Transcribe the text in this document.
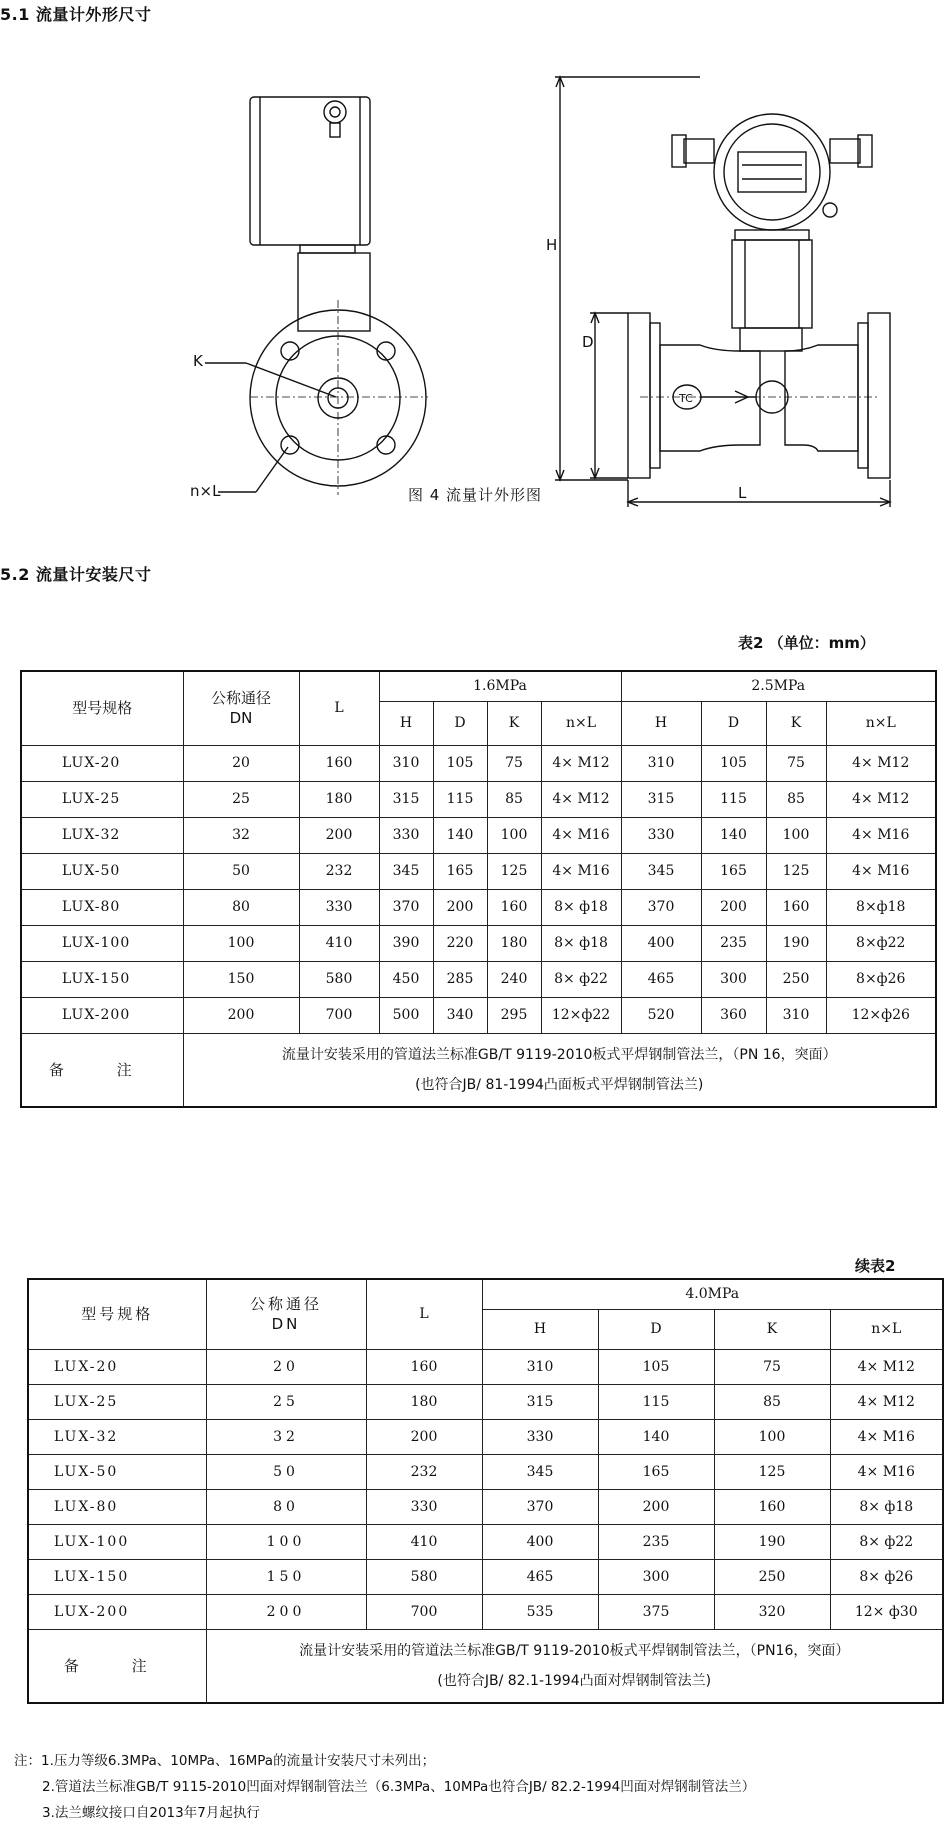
5.1 流量计外形尺寸
K
n×L
H
D
L
TC
图 4 流量计外形图
5.2 流量计安装尺寸
表2 （单位：mm）
型号规格	公称通径
DN	L	1.6MPa				2.5MPa			
			H	D	K	n×L	H	D	K	n×L
LUX-20	20	160	310	105	75	4× M12	310	105	75	4× M12
LUX-25	25	180	315	115	85	4× M12	315	115	85	4× M12
LUX-32	32	200	330	140	100	4× M16	330	140	100	4× M16
LUX-50	50	232	345	165	125	4× M16	345	165	125	4× M16
LUX-80	80	330	370	200	160	8× ф18	370	200	160	8×ф18
LUX-100	100	410	390	220	180	8× ф18	400	235	190	8×ф22
LUX-150	150	580	450	285	240	8× ф22	465	300	250	8×ф26
LUX-200	200	700	500	340	295	12×ф22	520	360	310	12×ф26
备 注	流量计安装采用的管道法兰标准GB/T 9119-2010板式平焊钢制管法兰，（PN 16，突面）
(也符合JB/ 81-1994凸面板式平焊钢制管法兰)									
续表2
型号规格	公称通径
DN	L	4.0MPa			
			H	D	K	n×L
LUX-20	20	160	310	105	75	4× M12
LUX-25	25	180	315	115	85	4× M12
LUX-32	32	200	330	140	100	4× M16
LUX-50	50	232	345	165	125	4× M16
LUX-80	80	330	370	200	160	8× ф18
LUX-100	100	410	400	235	190	8× ф22
LUX-150	150	580	465	300	250	8× ф26
LUX-200	200	700	535	375	320	12× ф30
备 注	流量计安装采用的管道法兰标准GB/T 9119-2010板式平焊钢制管法兰，（PN16，突面）
(也符合JB/ 82.1-1994凸面对焊钢制管法兰)					
注：1.压力等级6.3MPa、10MPa、16MPa的流量计安装尺寸未列出；
2.管道法兰标准GB/T 9115-2010凹面对焊钢制管法兰（6.3MPa、10MPa也符合JB/ 82.2-1994凹面对焊钢制管法兰）
3.法兰螺纹接口自2013年7月起执行
